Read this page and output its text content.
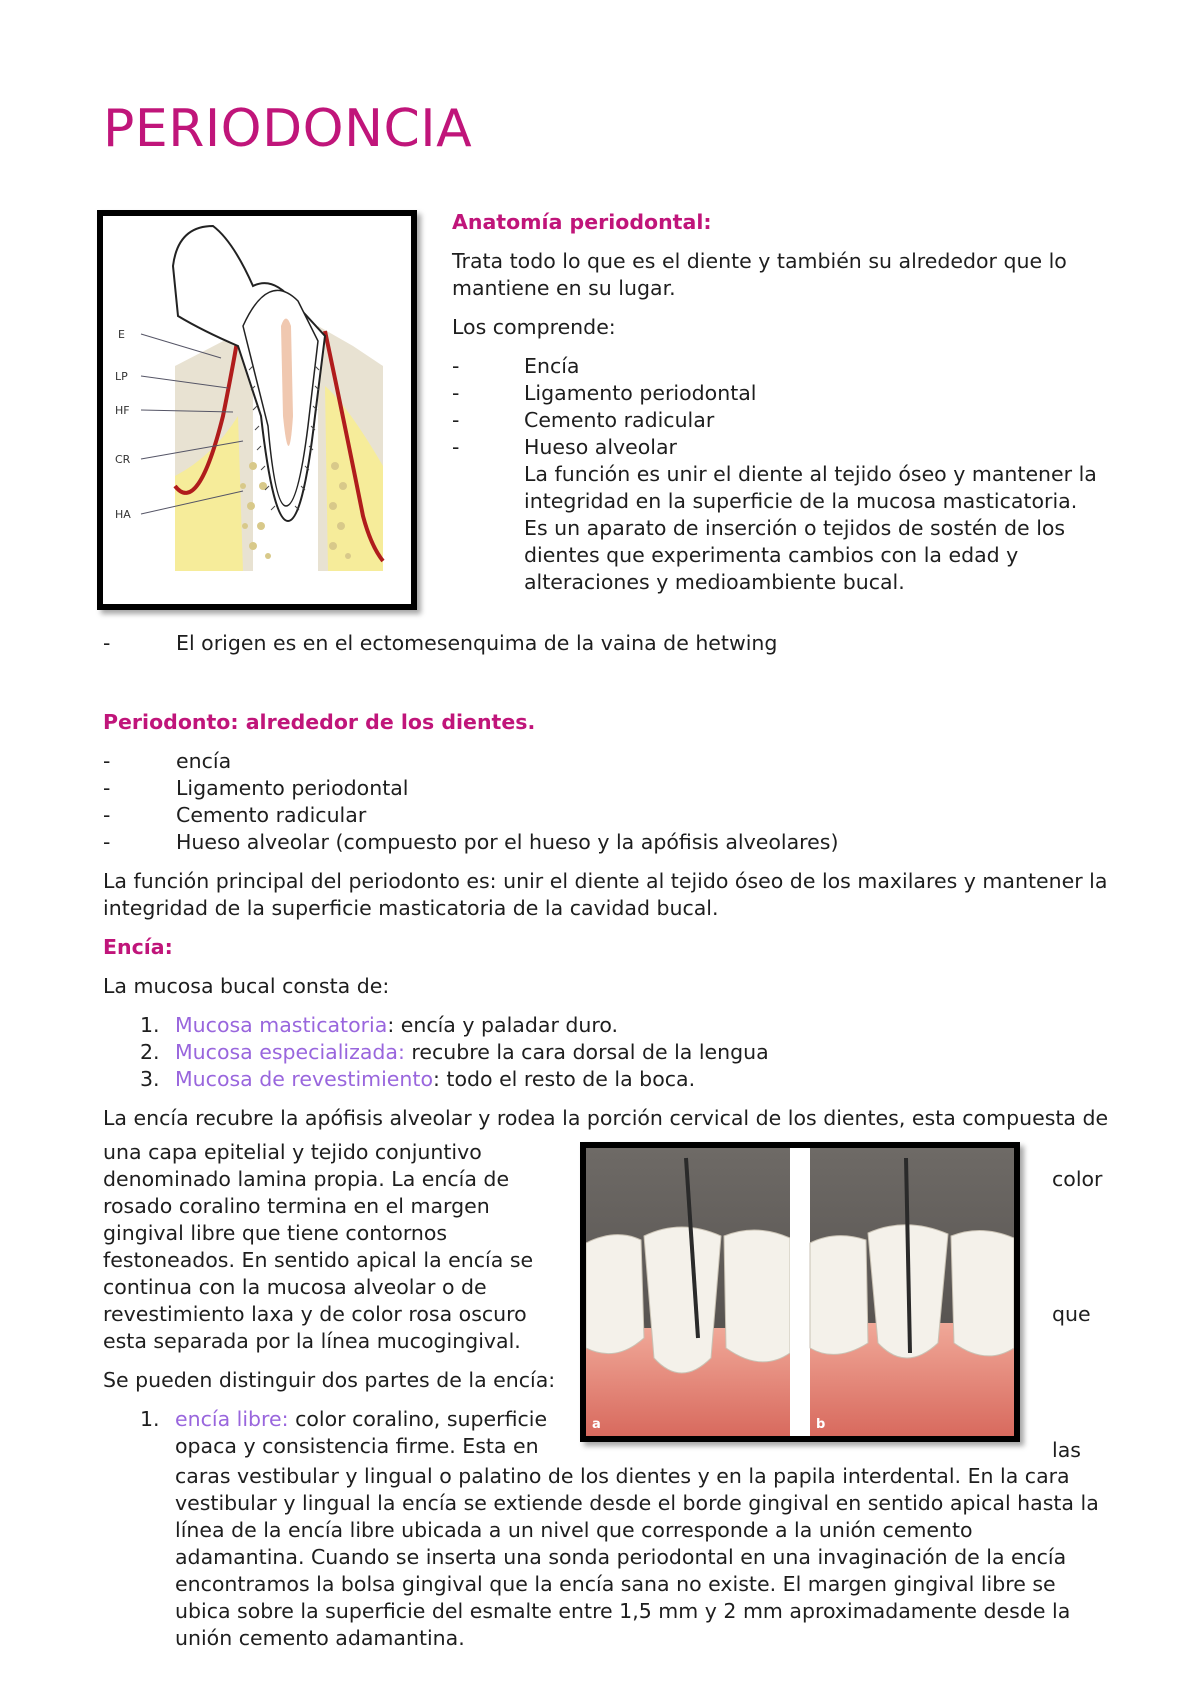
PERIODONCIA
E
LP
HF
CR
HA

Anatomía periodontal:

Trata todo lo que es el diente y también su alrededor que lo mantiene en su lugar.

Los comprende:

- Encía

- Ligamento periodontal

- Cemento radicular

- Hueso alveolar

La función es unir el diente al tejido óseo y mantener la integridad en la superficie de la mucosa masticatoria.

Es un aparato de inserción o tejidos de sostén de los dientes que experimenta cambios con la edad y alteraciones y medioambiente bucal.

- El origen es en el ectomesenquima de la vaina de hetwing

Periodonto: alrededor de los dientes.

- encía

- Ligamento periodontal

- Cemento radicular

- Hueso alveolar (compuesto por el hueso y la apófisis alveolares)

La función principal del periodonto es: unir el diente al tejido óseo de los maxilares y mantener la integridad de la superficie masticatoria de la cavidad bucal.

Encía:

La mucosa bucal consta de:

1. Mucosa masticatoria: encía y paladar duro.

2. Mucosa especializada: recubre la cara dorsal de la lengua

3. Mucosa de revestimiento: todo el resto de la boca.

La encía recubre la apófisis alveolar y rodea la porción cervical de los dientes, esta compuesta de

una capa epitelial y tejido conjuntivo

denominado lamina propia. La encía de

rosado coralino termina en el margen

gingival libre que tiene contornos

festoneados. En sentido apical la encía se

continua con la mucosa alveolar o de

revestimiento laxa y de color rosa oscuro

esta separada por la línea mucogingival.

Se pueden distinguir dos partes de la encía:

1. encía libre: color coralino, superficie

opaca y consistencia firme. Esta en

color
que
las
a	b

caras vestibular y lingual o palatino de los dientes y en la papila interdental. En la cara vestibular y lingual la encía se extiende desde el borde gingival en sentido apical hasta la línea de la encía libre ubicada a un nivel que corresponde a la unión cemento adamantina. Cuando se inserta una sonda periodontal en una invaginación de la encía encontramos la bolsa gingival que la encía sana no existe. El margen gingival libre se ubica sobre la superficie del esmalte entre 1,5 mm y 2 mm aproximadamente desde la unión cemento adamantina.
